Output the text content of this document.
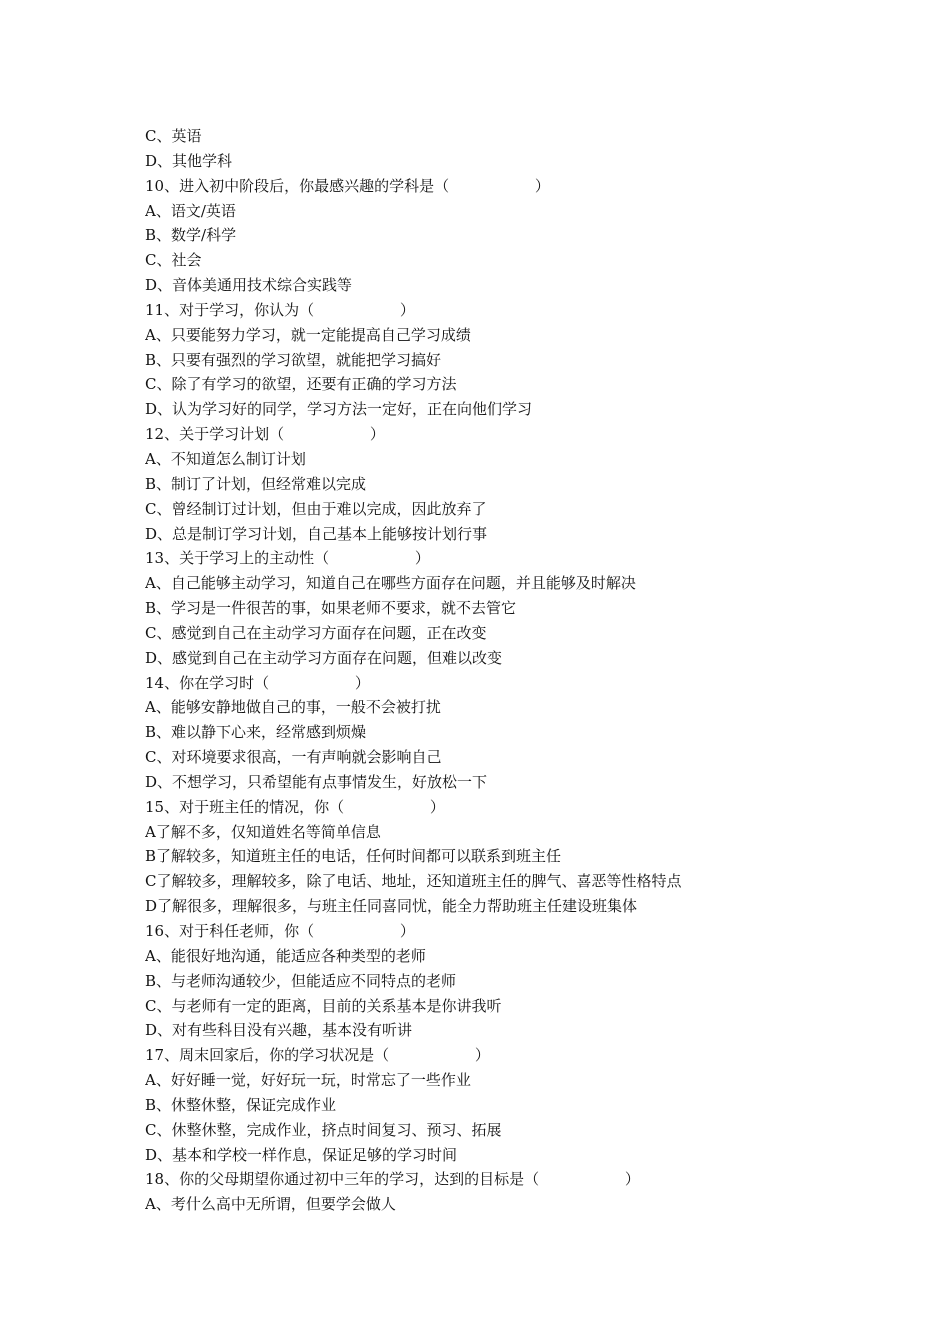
C、英语
D、其他学科
10、进入初中阶段后，你最感兴趣的学科是（                  ）
A、语文/英语
B、数学/科学
C、社会
D、音体美通用技术综合实践等
11、对于学习，你认为（                  ）
A、只要能努力学习，就一定能提高自己学习成绩
B、只要有强烈的学习欲望，就能把学习搞好
C、除了有学习的欲望，还要有正确的学习方法
D、认为学习好的同学，学习方法一定好，正在向他们学习
12、关于学习计划（                  ）
A、不知道怎么制订计划
B、制订了计划，但经常难以完成
C、曾经制订过计划，但由于难以完成，因此放弃了
D、总是制订学习计划，自己基本上能够按计划行事
13、关于学习上的主动性（                  ）
A、自己能够主动学习，知道自己在哪些方面存在问题，并且能够及时解决
B、学习是一件很苦的事，如果老师不要求，就不去管它
C、感觉到自己在主动学习方面存在问题，正在改变
D、感觉到自己在主动学习方面存在问题，但难以改变
14、你在学习时（                  ）
A、能够安静地做自己的事，一般不会被打扰
B、难以静下心来，经常感到烦燥
C、对环境要求很高，一有声响就会影响自己
D、不想学习，只希望能有点事情发生，好放松一下
15、对于班主任的情况，你（                  ）
A了解不多，仅知道姓名等简单信息
B了解较多，知道班主任的电话，任何时间都可以联系到班主任
C了解较多，理解较多，除了电话、地址，还知道班主任的脾气、喜恶等性格特点
D了解很多，理解很多，与班主任同喜同忧，能全力帮助班主任建设班集体
16、对于科任老师，你（                  ）
A、能很好地沟通，能适应各种类型的老师
B、与老师沟通较少，但能适应不同特点的老师
C、与老师有一定的距离，目前的关系基本是你讲我听
D、对有些科目没有兴趣，基本没有听讲
17、周末回家后，你的学习状况是（                  ）
A、好好睡一觉，好好玩一玩，时常忘了一些作业
B、休整休整，保证完成作业
C、休整休整，完成作业，挤点时间复习、预习、拓展
D、基本和学校一样作息，保证足够的学习时间
18、你的父母期望你通过初中三年的学习，达到的目标是（                  ）
A、考什么高中无所谓，但要学会做人
